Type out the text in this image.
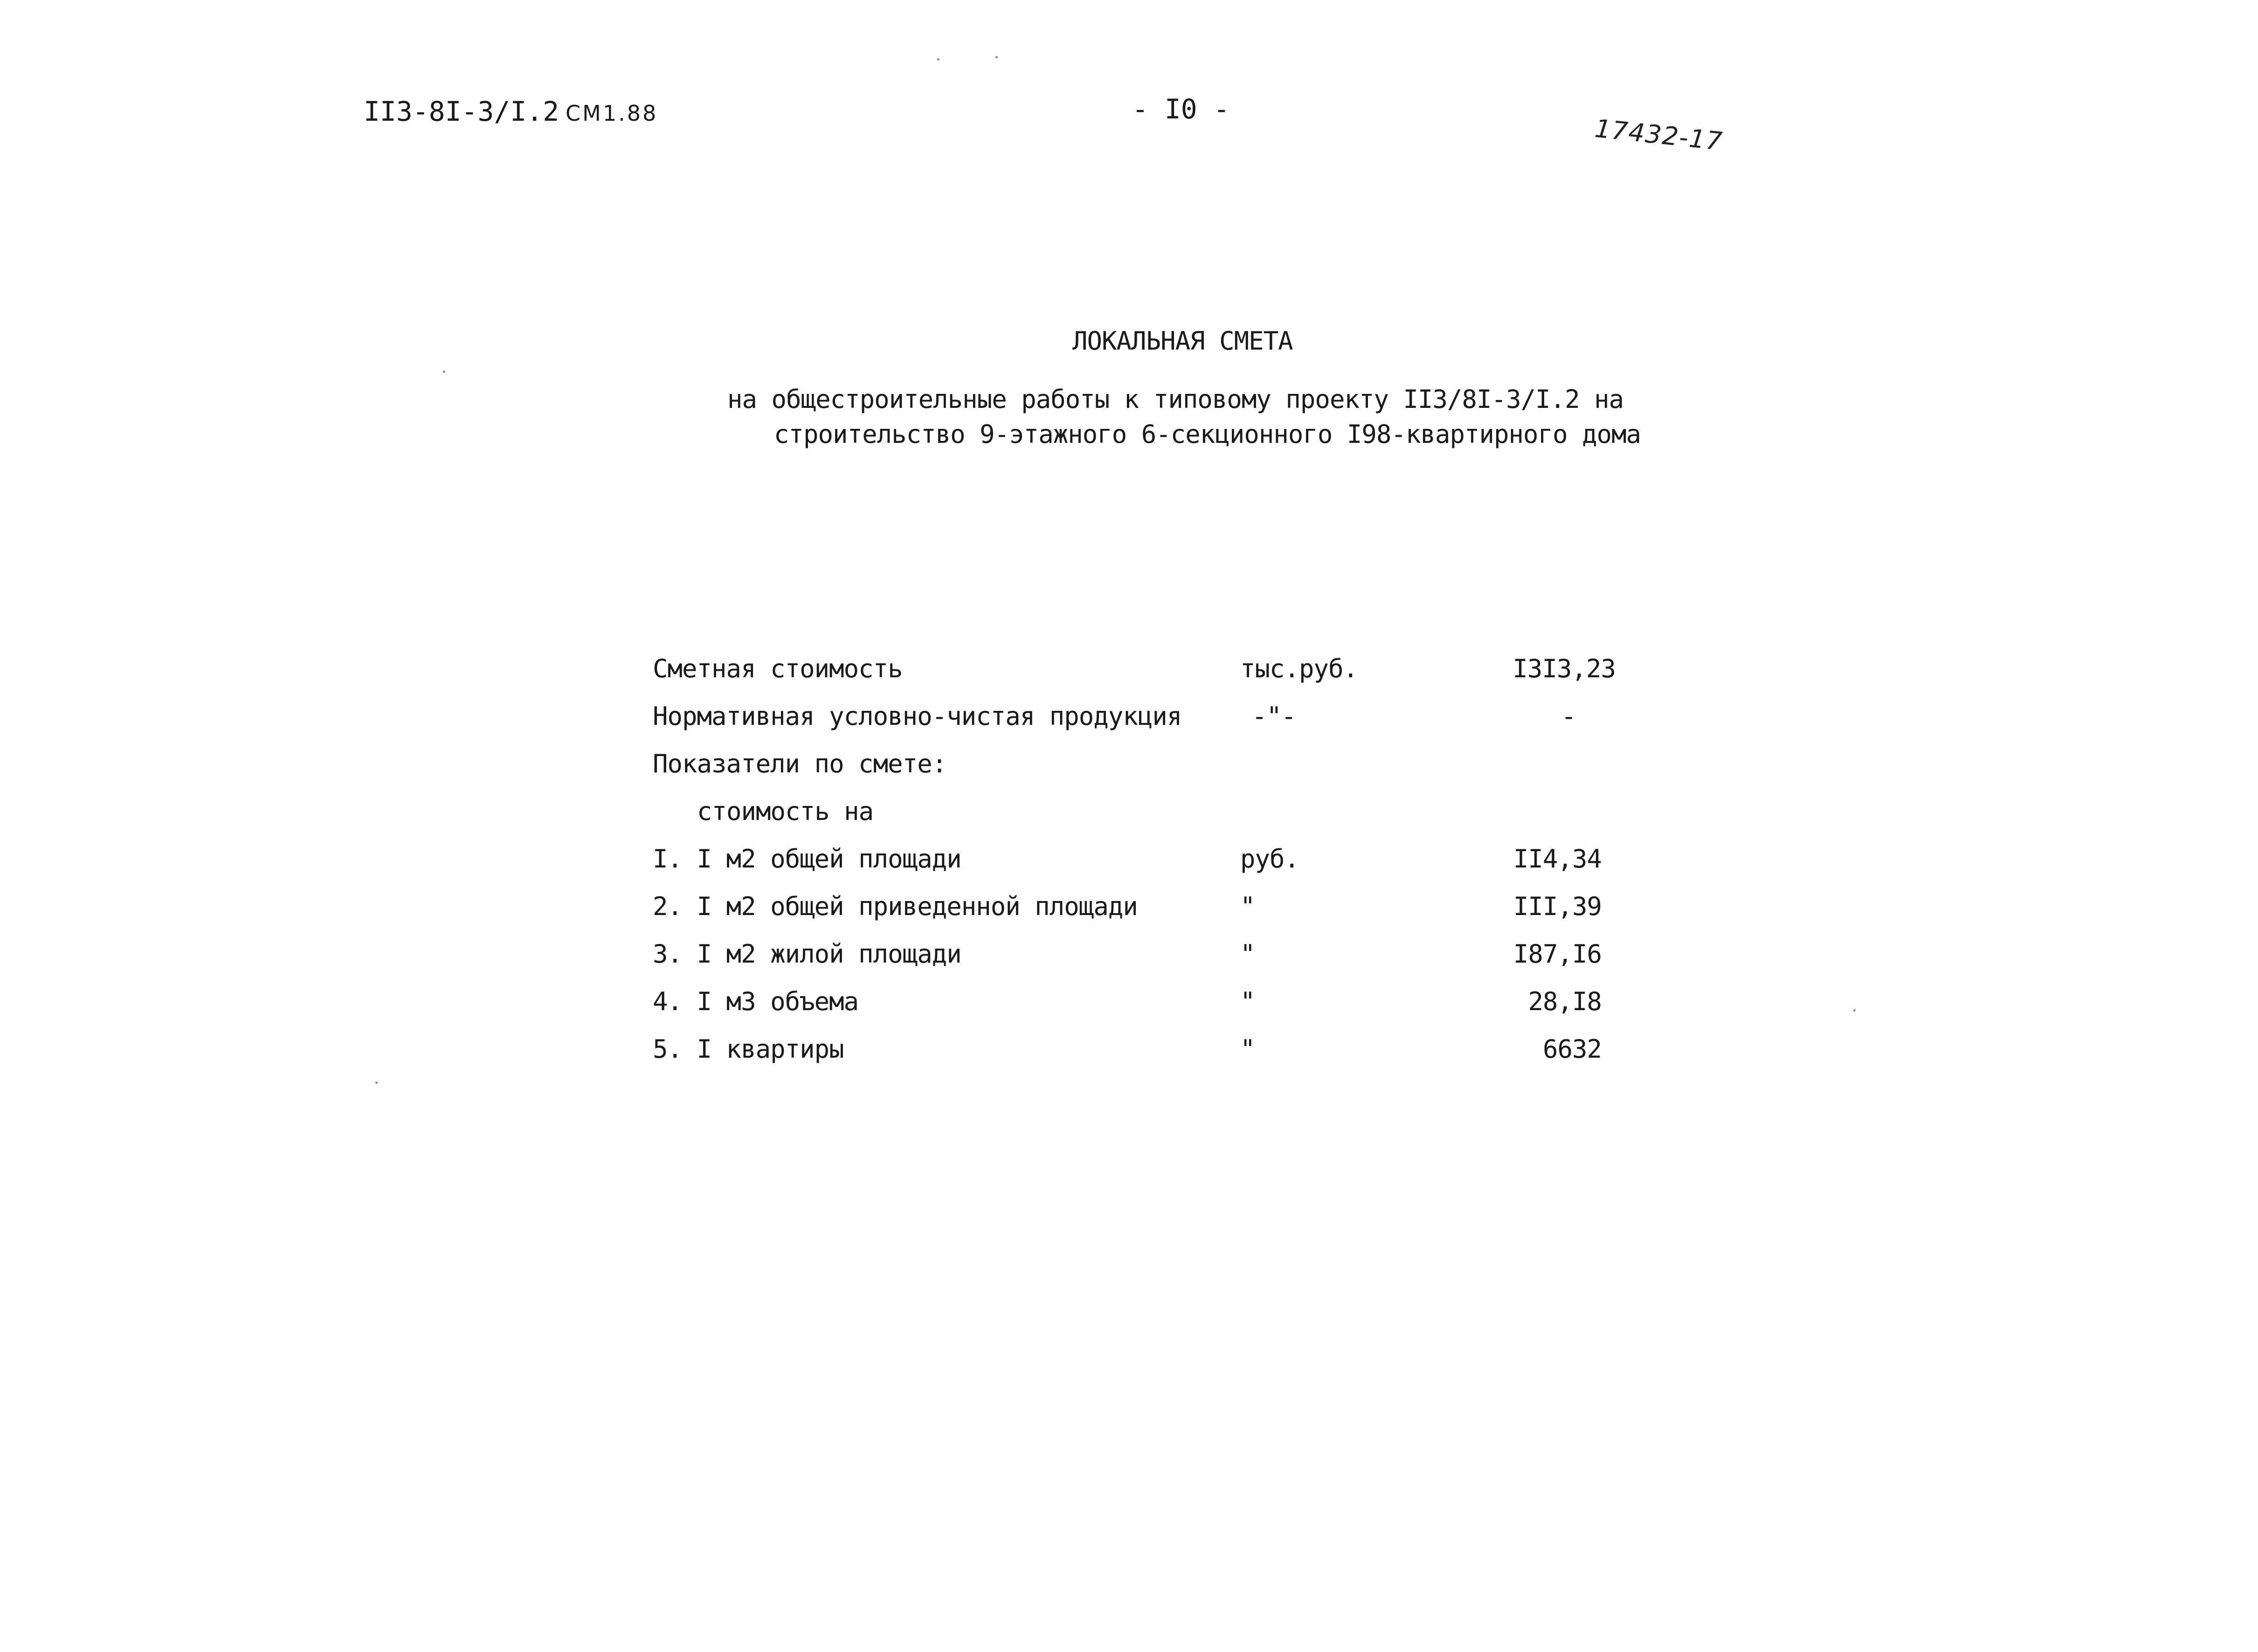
II3-8I-3/I.2 СМ1.88	- I0 -
17432-17
ЛОКАЛЬНАЯ СМЕТА
на общестроительные работы к типовому проекту II3/8I-3/I.2 на
строительство 9-этажного 6-секционного I98-квартирного дома
Сметная стоимость	тыс.руб.	I3I3,23
Нормативная условно-чистая продукция	-"-	-
Показатели по смете:
стоимость на
I. I м2 общей площади	руб.	II4,34
2. I м2 общей приведенной площади	"	III,39
3. I м2 жилой площади	"	I87,I6
4. I м3 объема	"	28,I8
5. I квартиры	"	6632
